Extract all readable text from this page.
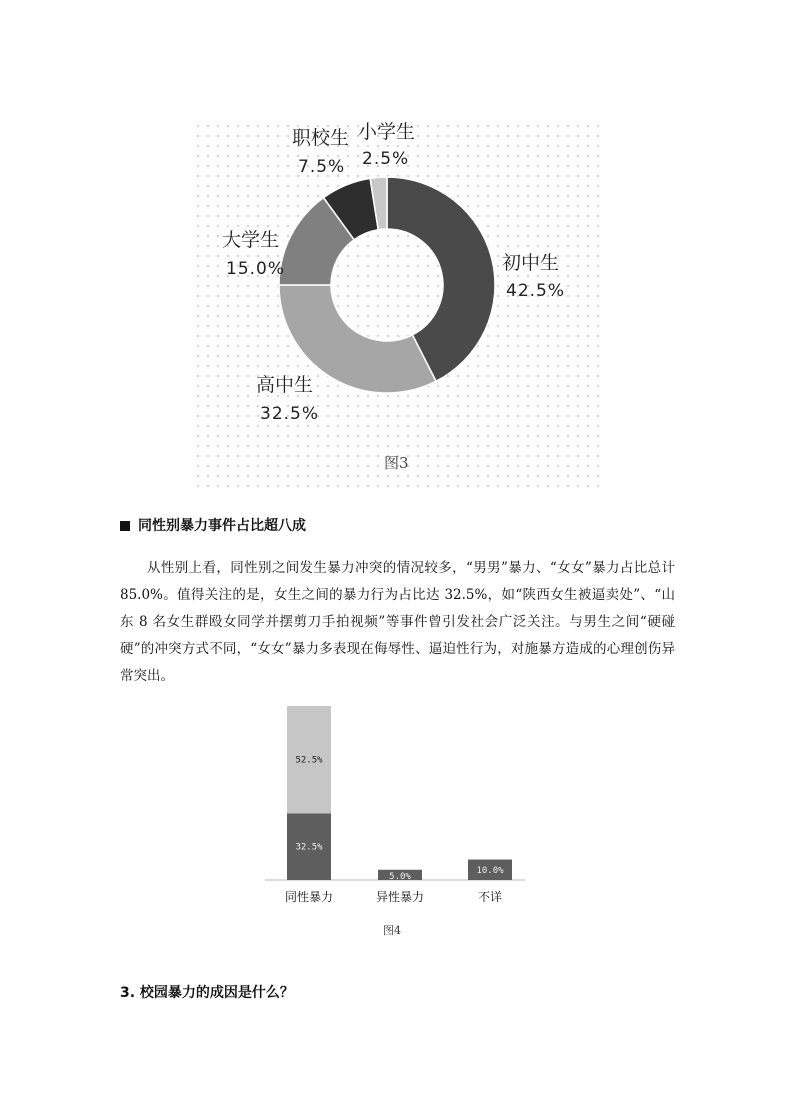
初中生
42.5%
高中生
32.5%
大学生
15.0%
职校生
7.5%
小学生
2.5%
图3
同性别暴力事件占比超八成
从性别上看，同性别之间发生暴力冲突的情况较多，“男男”暴力、“女女”暴力占比总计 85.0%。值得关注的是，女生之间的暴力行为占比达 32.5%，如“陕西女生被逼卖处”、“山东 8 名女生群殴女同学并摆剪刀手拍视频”等事件曾引发社会广泛关注。与男生之间“硬碰硬”的冲突方式不同，“女女”暴力多表现在侮辱性、逼迫性行为，对施暴方造成的心理创伤异常突出。
32.5%
52.5%
5.0%
10.0%
同性暴力	异性暴力	不详
图4
3. 校园暴力的成因是什么？
